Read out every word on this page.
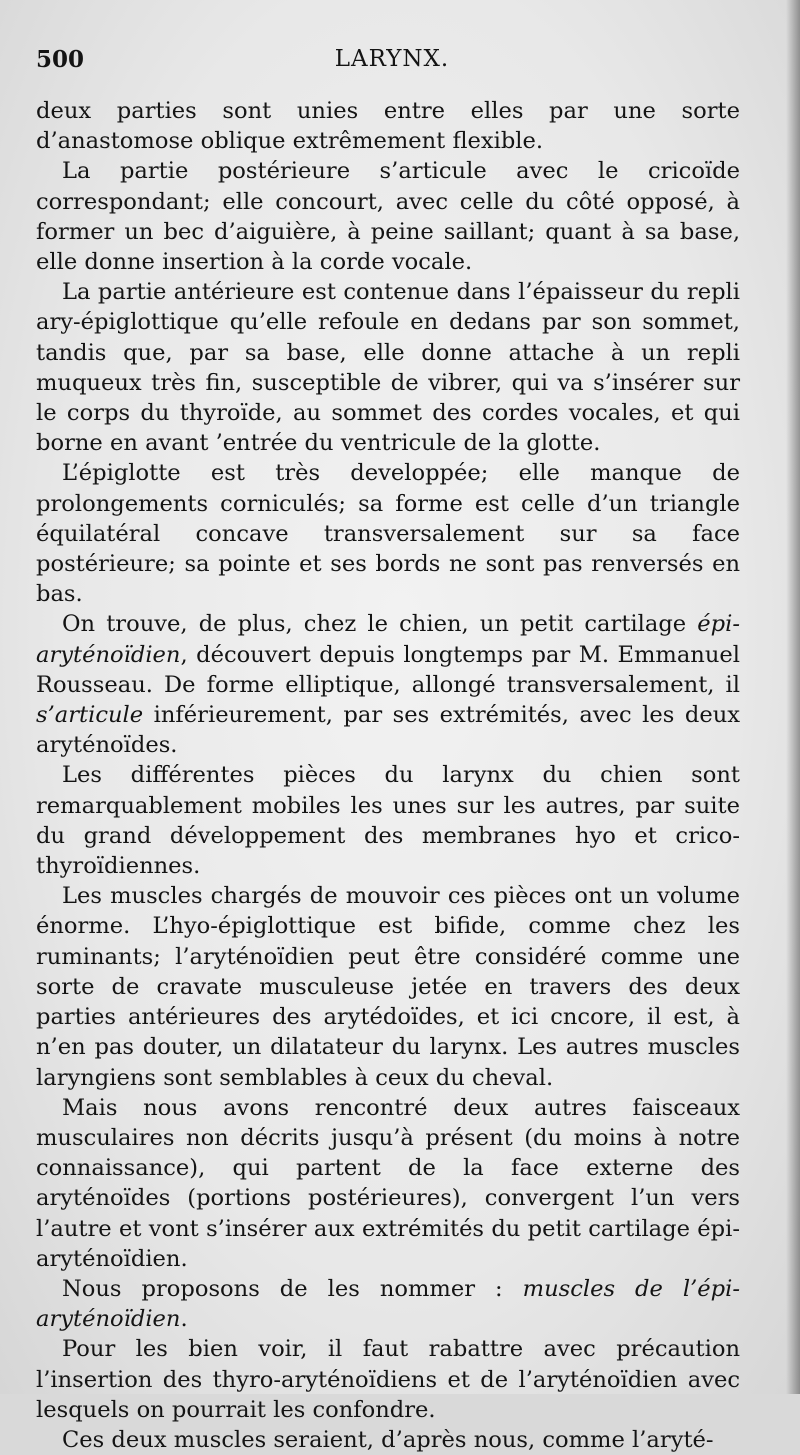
500	LARYNX.

deux parties sont unies entre elles par une sorte d’anastomose oblique extrêmement flexible.

La partie postérieure s’articule avec le cricoïde correspondant; elle concourt, avec celle du côté opposé, à former un bec d’aiguière, à peine saillant; quant à sa base, elle donne insertion à la corde vocale.

La partie antérieure est contenue dans l’épaisseur du repli ary-épiglottique qu’elle refoule en dedans par son sommet, tandis que, par sa base, elle donne attache à un repli muqueux très fin, susceptible de vibrer, qui va s’insérer sur le corps du thyroïde, au sommet des cordes vocales, et qui borne en avant ’entrée du ventricule de la glotte.

L’épiglotte est très developpée; elle manque de prolongements corniculés; sa forme est celle d’un triangle équilatéral concave transversalement sur sa face postérieure; sa pointe et ses bords ne sont pas renversés en bas.

On trouve, de plus, chez le chien, un petit cartilage épi-aryténoïdien, découvert depuis longtemps par M. Emmanuel Rousseau. De forme elliptique, allongé transversalement, il s’articule inférieurement, par ses extrémités, avec les deux aryténoïdes.

Les différentes pièces du larynx du chien sont remarquablement mobiles les unes sur les autres, par suite du grand développement des membranes hyo et crico-thyroïdiennes.

Les muscles chargés de mouvoir ces pièces ont un volume énorme. L’hyo-épiglottique est bifide, comme chez les ruminants; l’aryténoïdien peut être considéré comme une sorte de cravate musculeuse jetée en travers des deux parties antérieures des arytédoïdes, et ici cncore, il est, à n’en pas douter, un dilatateur du larynx. Les autres muscles laryngiens sont semblables à ceux du cheval.

Mais nous avons rencontré deux autres faisceaux musculaires non décrits jusqu’à présent (du moins à notre connaissance), qui partent de la face externe des aryténoïdes (portions postérieures), convergent l’un vers l’autre et vont s’insérer aux extrémités du petit cartilage épi-aryténoïdien.

Nous proposons de les nommer : muscles de l’épi-aryténoïdien.

Pour les bien voir, il faut rabattre avec précaution l’insertion des thyro-aryténoïdiens et de l’aryténoïdien avec lesquels on pourrait les confondre.

Ces deux muscles seraient, d’après nous, comme l’aryté-
